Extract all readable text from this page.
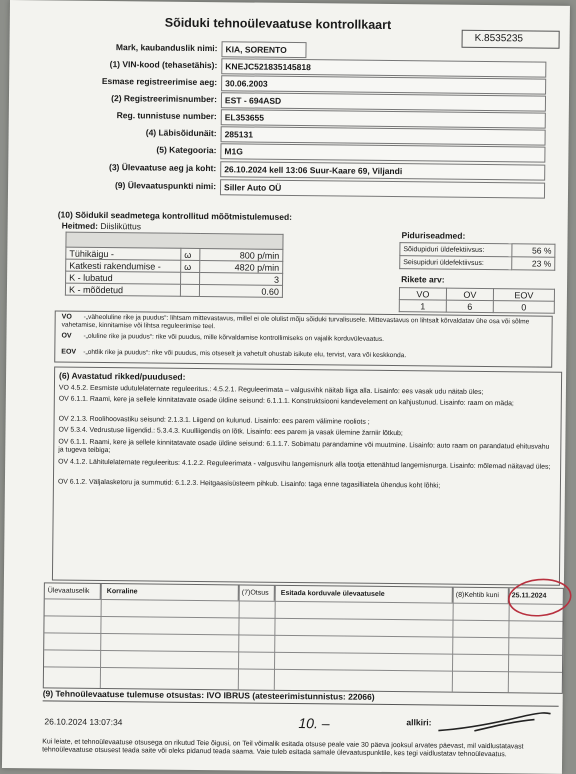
Sõiduki tehnoülevaatuse kontrollkaart
K.8535235
Mark, kaubanduslik nimi: KIA, SORENTO
(1) VIN-kood (tehasetähis): KNEJC521835145818
Esmase registreerimise aeg: 30.06.2003
(2) Registreerimisnumber: EST - 694ASD
Reg. tunnistuse number: EL353655
(4) Läbisõidunäit: 285131
(5) Kategooria: M1G
(3) Ülevaatuse aeg ja koht: 26.10.2024 kell 13:06 Suur-Kaare 69, Viljandi
(9) Ülevaatuspunkti nimi: Siller Auto OÜ
(10) Sõidukil seadmetega kontrollitud mõõtmistulemused:
Heitmed: Diisliküttus

Tühikäigu -	ω	800 p/min
Katkesti rakendumise -	ω	4820 p/min
K - lubatud		3
K - mõõdetud		0.60
Piduriseadmed:
Sõidupiduri üldefektiivsus:	56 %
Seisupiduri üldefektiivsus:	23 %
Rikete arv:
VO	OV	EOV
1	6	0
VO -„väheoluline rike ja puudus“: lihtsam mittevastavus, millel ei ole olulist mõju sõiduki turvalisusele. Mittevastavus on lihtsalt kõrvaldatav ühe osa või sõlme vahetamise, kinnitamise või lihtsa reguleerimise teel.
OV -„oluline rike ja puudus“: rike või puudus, mille kõrvaldamise kontrollimiseks on vajalik korduvülevaatus.
EOV -„ohtlik rike ja puudus“: rike või puudus, mis otseselt ja vahetult ohustab isikute elu, tervist, vara või keskkonda.
(6) Avastatud rikked/puudused:
VO 4.5.2. Eesmiste udutulelaternate reguleeritus.: 4.5.2.1. Reguleerimata – valgusvihk näitab liiga alla. Lisainfo: ees vasak udu näitab üles;
OV 6.1.1. Raami, kere ja sellele kinnitatavate osade üldine seisund: 6.1.1.1. Konstruktsiooni kandevelement on kahjustunud. Lisainfo: raam on mäda;
OV 2.1.3. Roolihoovastiku seisund: 2.1.3.1. Liigend on kulunud. Lisainfo: ees parem välimine rooliots ;
OV 5.3.4. Vedrustuse liigendid.: 5.3.4.3. Kuulliigendis on lõtk. Lisainfo: ees parem ja vasak ülemine žarniir lõtkub;
OV 6.1.1. Raami, kere ja sellele kinnitatavate osade üldine seisund: 6.1.1.7. Sobimatu parandamine või muutmine. Lisainfo: auto raam on parandatud ehitusvahu ja tugeva teibiga;
OV 4.1.2. Lähitulelaternate reguleeritus: 4.1.2.2. Reguleerimata - valgusvihu langemisnurk alla tootja ettenähtud langemisnurga. Lisainfo: mõlemad näitavad üles;
OV 6.1.2. Väljalasketoru ja summutid: 6.1.2.3. Heitgaasisüsteem pihkub. Lisainfo: taga enne tagasilliatela ühendus koht lõhki;
Ülevaatuselik	Korraline	(7)Otsus	Esitada korduvale ülevaatusele	(8)Kehtib kuni	25.11.2024
(9) Tehnoülevaatuse tulemuse otsustas: IVO IBRUS (atesteerimistunnistus: 22066)
26.10.2024 13:07:34	10. –	allkiri:
Kui leiate, et tehnoülevaatuse otsusega on rikutud Teie õigusi, on Teil võimalik esitada otsuse peale vaie 30 päeva jooksul arvates päevast, mil vaidlustatavast tehnoülevaatuse otsusest teada saite või oleks pidanud teada saama. Vaie tuleb esitada samale ülevaatuspunktile, kes tegi vaidlustatav tehnoülevaatus.
